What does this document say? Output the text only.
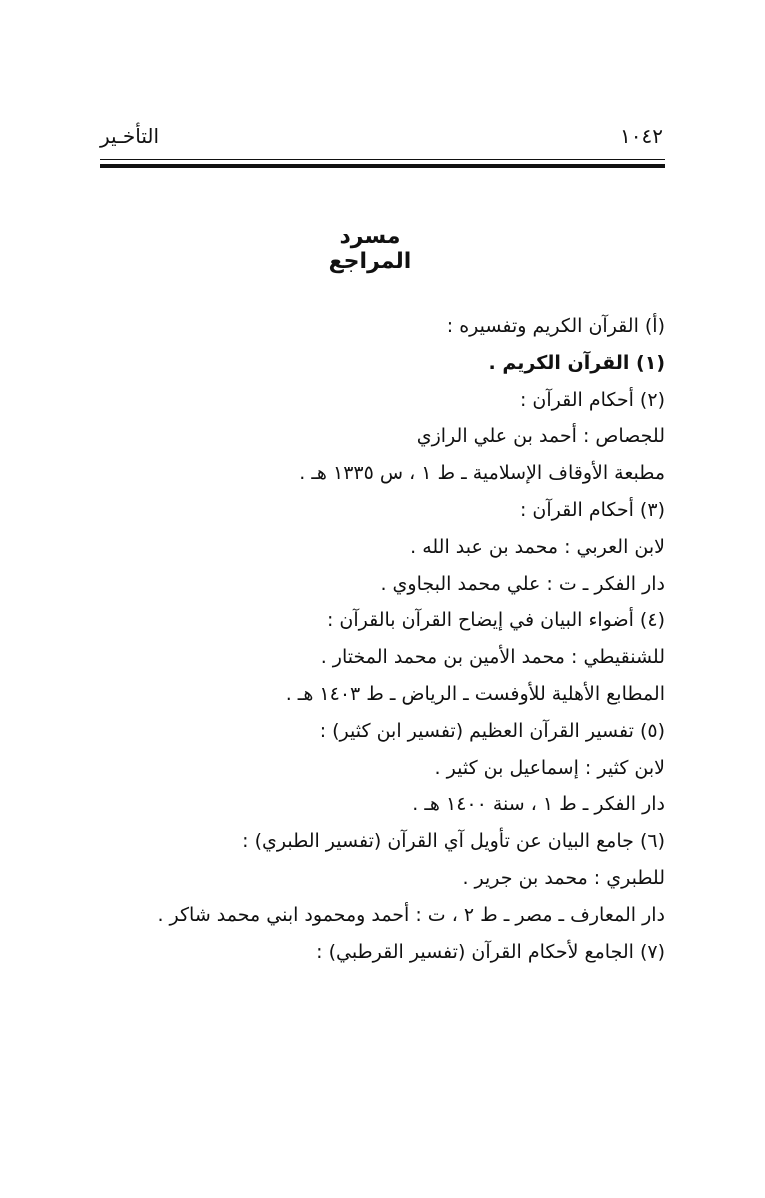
١٠٤٢
التأخـير
مسرد المراجع
(أ) القرآن الكريم وتفسيره :
(١) القرآن الكريم .
(٢) أحكام القرآن :
للجصاص : أحمد بن علي الرازي
مطبعة الأوقاف الإسلامية ـ ط ١ ، س ١٣٣٥ هـ .
(٣) أحكام القرآن :
لابن العربي : محمد بن عبد الله .
دار الفكر ـ ت : علي محمد البجاوي .
(٤) أضواء البيان في إيضاح القرآن بالقرآن :
للشنقيطي : محمد الأمين بن محمد المختار .
المطابع الأهلية للأوفست ـ الرياض ـ ط ١٤٠٣ هـ .
(٥) تفسير القرآن العظيم (تفسير ابن كثير) :
لابن كثير : إسماعيل بن كثير .
دار الفكر ـ ط ١ ، سنة ١٤٠٠ هـ .
(٦) جامع البيان عن تأويل آي القرآن (تفسير الطبري) :
للطبري : محمد بن جرير .
دار المعارف ـ مصر ـ ط ٢ ، ت : أحمد ومحمود ابني محمد شاكر .
(٧) الجامع لأحكام القرآن (تفسير القرطبي) :
